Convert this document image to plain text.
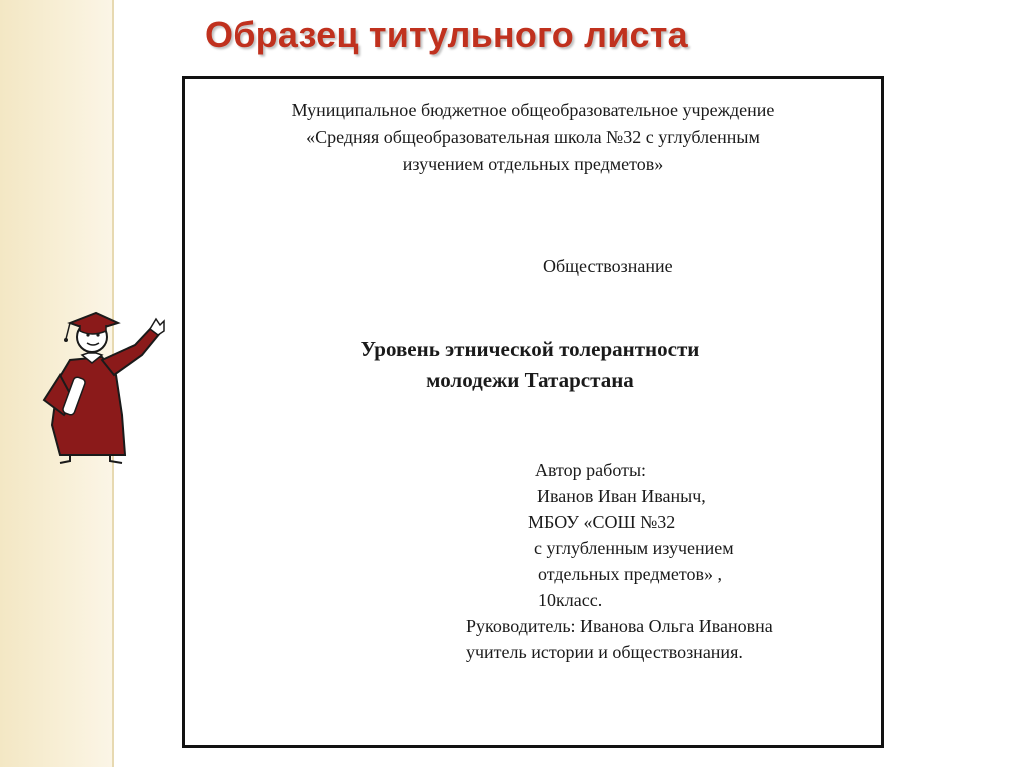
Образец титульного листа
Муниципальное бюджетное общеобразовательное учреждение
«Средняя общеобразовательная школа №32 с углубленным
изучением отдельных предметов»
Обществознание
Уровень этнической толерантности
молодежи Татарстана
Автор работы:
Иванов Иван Иваныч,
МБОУ «СОШ №32
с углубленным изучением
отдельных предметов» ,
10класс.
Руководитель: Иванова Ольга Ивановна
учитель истории и обществознания.
